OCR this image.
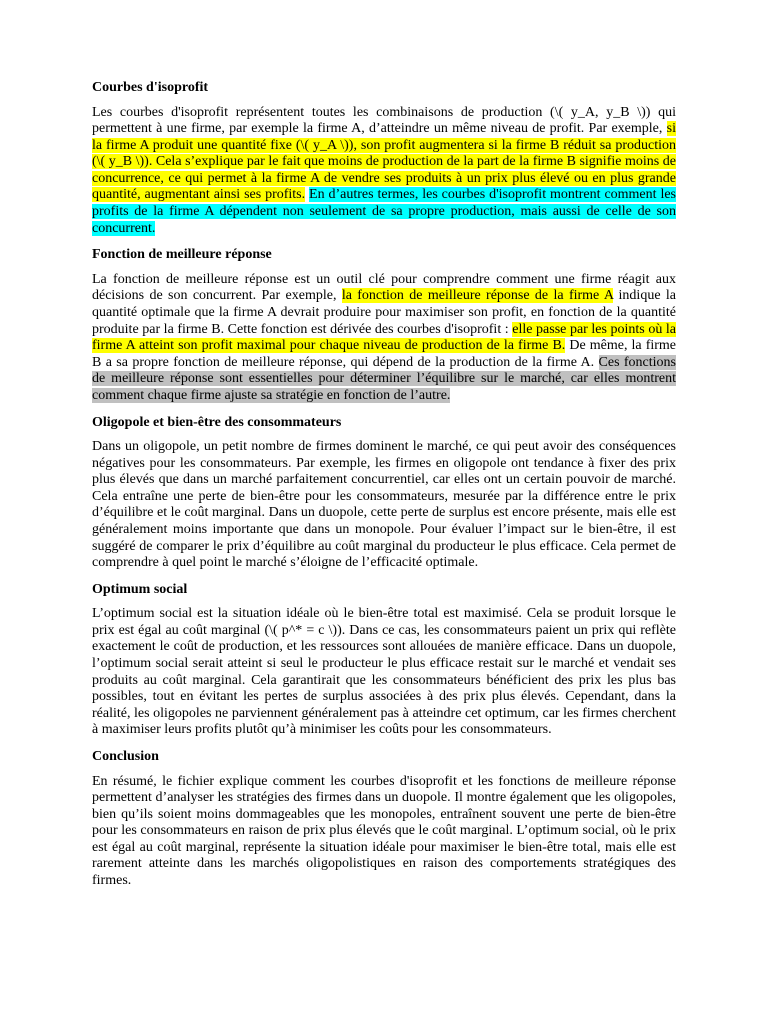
Courbes d'isoprofit

Les courbes d'isoprofit représentent toutes les combinaisons de production (\( y_A, y_B \)) qui permettent à une firme, par exemple la firme A, d’atteindre un même niveau de profit. Par exemple, si la firme A produit une quantité fixe (\( y_A \)), son profit augmentera si la firme B réduit sa production (\( y_B \)). Cela s’explique par le fait que moins de production de la part de la firme B signifie moins de concurrence, ce qui permet à la firme A de vendre ses produits à un prix plus élevé ou en plus grande quantité, augmentant ainsi ses profits. En d’autres termes, les courbes d'isoprofit montrent comment les profits de la firme A dépendent non seulement de sa propre production, mais aussi de celle de son concurrent.

Fonction de meilleure réponse

La fonction de meilleure réponse est un outil clé pour comprendre comment une firme réagit aux décisions de son concurrent. Par exemple, la fonction de meilleure réponse de la firme A indique la quantité optimale que la firme A devrait produire pour maximiser son profit, en fonction de la quantité produite par la firme B. Cette fonction est dérivée des courbes d'isoprofit : elle passe par les points où la firme A atteint son profit maximal pour chaque niveau de production de la firme B. De même, la firme B a sa propre fonction de meilleure réponse, qui dépend de la production de la firme A. Ces fonctions de meilleure réponse sont essentielles pour déterminer l’équilibre sur le marché, car elles montrent comment chaque firme ajuste sa stratégie en fonction de l’autre.

Oligopole et bien-être des consommateurs

Dans un oligopole, un petit nombre de firmes dominent le marché, ce qui peut avoir des conséquences négatives pour les consommateurs. Par exemple, les firmes en oligopole ont tendance à fixer des prix plus élevés que dans un marché parfaitement concurrentiel, car elles ont un certain pouvoir de marché. Cela entraîne une perte de bien-être pour les consommateurs, mesurée par la différence entre le prix d’équilibre et le coût marginal. Dans un duopole, cette perte de surplus est encore présente, mais elle est généralement moins importante que dans un monopole. Pour évaluer l’impact sur le bien-être, il est suggéré de comparer le prix d’équilibre au coût marginal du producteur le plus efficace. Cela permet de comprendre à quel point le marché s’éloigne de l’efficacité optimale.

Optimum social

L’optimum social est la situation idéale où le bien-être total est maximisé. Cela se produit lorsque le prix est égal au coût marginal (\( p^* = c \)). Dans ce cas, les consommateurs paient un prix qui reflète exactement le coût de production, et les ressources sont allouées de manière efficace. Dans un duopole, l’optimum social serait atteint si seul le producteur le plus efficace restait sur le marché et vendait ses produits au coût marginal. Cela garantirait que les consommateurs bénéficient des prix les plus bas possibles, tout en évitant les pertes de surplus associées à des prix plus élevés. Cependant, dans la réalité, les oligopoles ne parviennent généralement pas à atteindre cet optimum, car les firmes cherchent à maximiser leurs profits plutôt qu’à minimiser les coûts pour les consommateurs.

Conclusion

En résumé, le fichier explique comment les courbes d'isoprofit et les fonctions de meilleure réponse permettent d’analyser les stratégies des firmes dans un duopole. Il montre également que les oligopoles, bien qu’ils soient moins dommageables que les monopoles, entraînent souvent une perte de bien-être pour les consommateurs en raison de prix plus élevés que le coût marginal. L’optimum social, où le prix est égal au coût marginal, représente la situation idéale pour maximiser le bien-être total, mais elle est rarement atteinte dans les marchés oligopolistiques en raison des comportements stratégiques des firmes.
